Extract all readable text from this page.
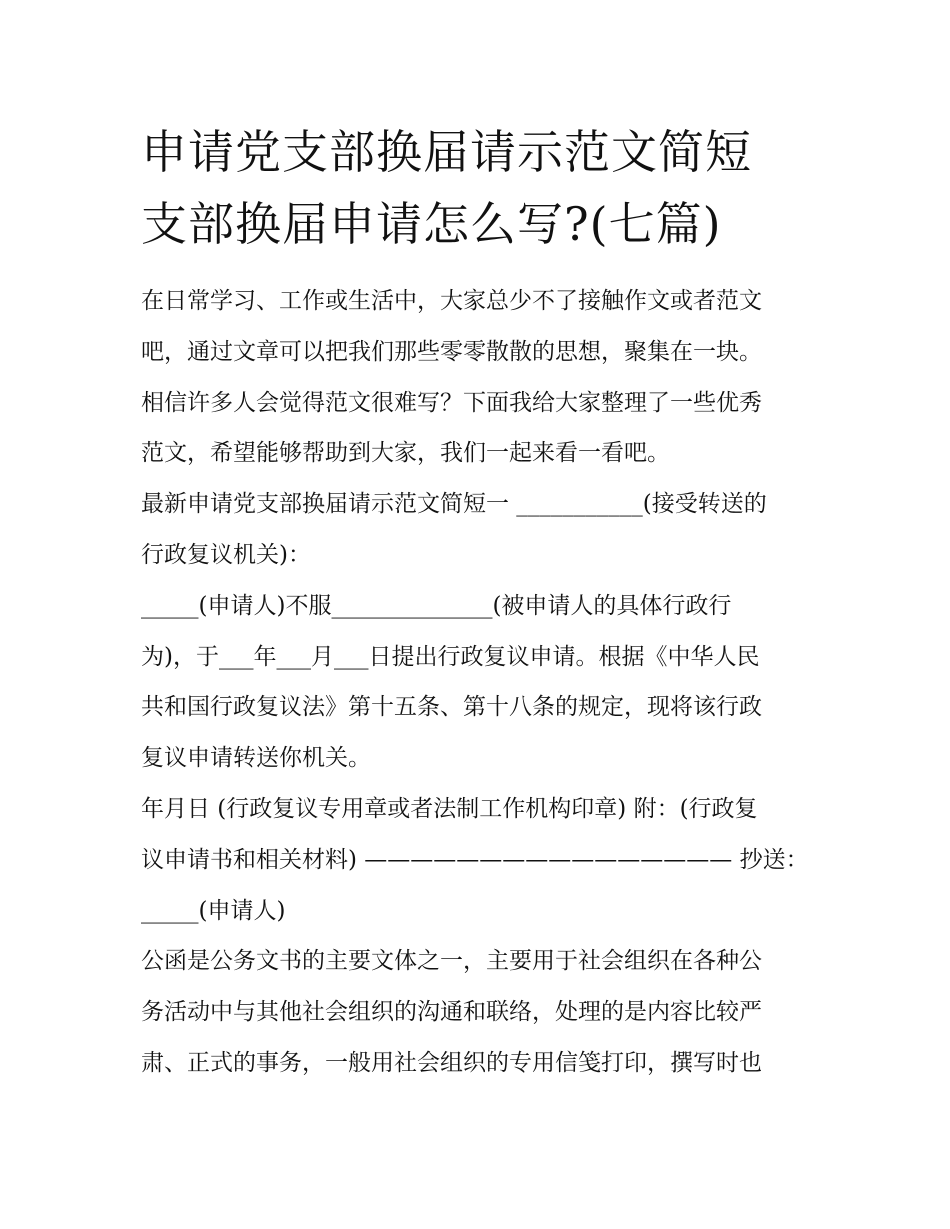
申请党支部换届请示范文简短
支部换届申请怎么写?(七篇)
在日常学习、工作或生活中，大家总少不了接触作文或者范文
吧，通过文章可以把我们那些零零散散的思想，聚集在一块。
相信许多人会觉得范文很难写？下面我给大家整理了一些优秀
范文，希望能够帮助到大家，我们一起来看一看吧。
最新申请党支部换届请示范文简短一 ___________(接受转送的
行政复议机关)：
_____(申请人)不服______________(被申请人的具体行政行
为)，于___年___月___日提出行政复议申请。根据《中华人民
共和国行政复议法》第十五条、第十八条的规定，现将该行政
复议申请转送你机关。
年月日 (行政复议专用章或者法制工作机构印章) 附：(行政复
议申请书和相关材料) ———————————————— 抄送：
_____(申请人)
公函是公务文书的主要文体之一，主要用于社会组织在各种公
务活动中与其他社会组织的沟通和联络，处理的是内容比较严
肃、正式的事务，一般用社会组织的专用信笺打印，撰写时也
